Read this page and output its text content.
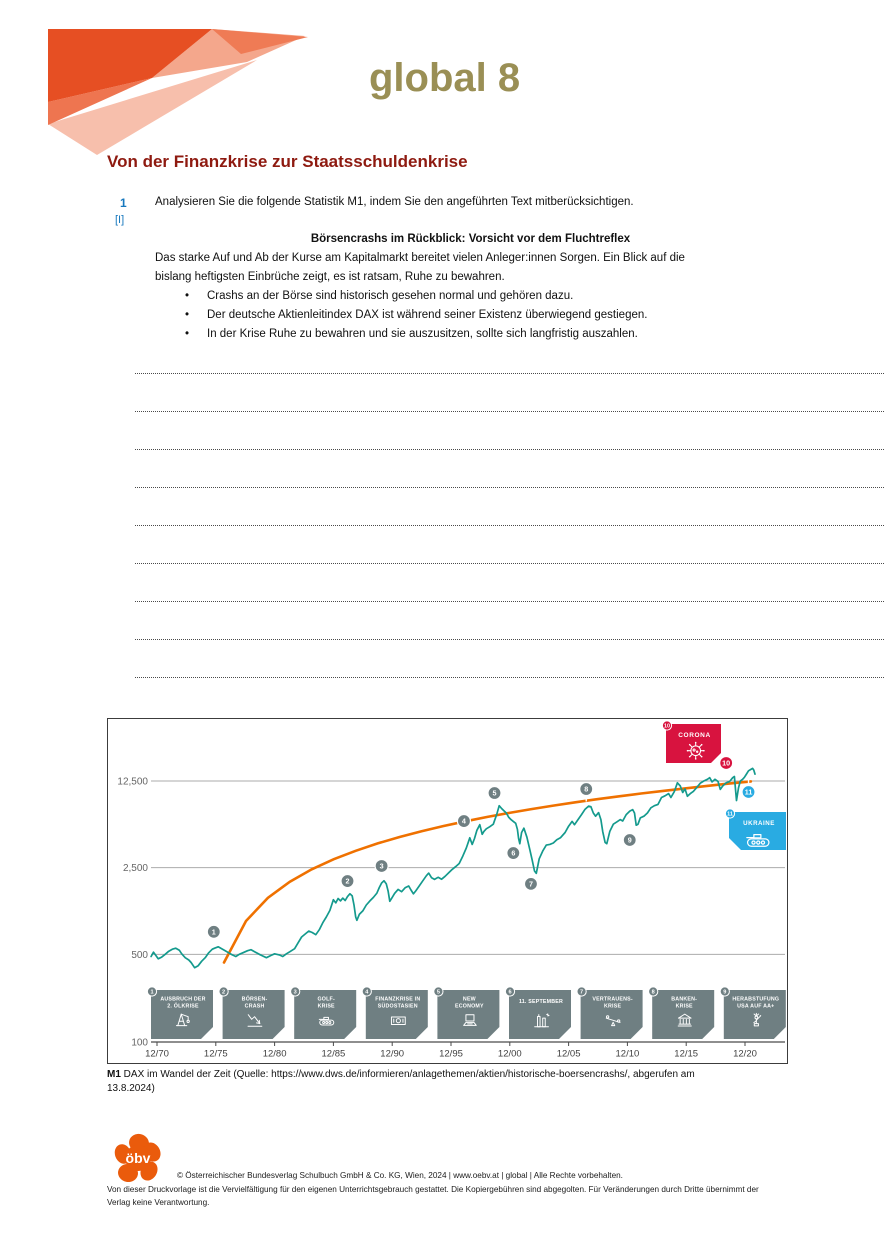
global 8
Von der Finanzkrise zur Staatsschuldenkrise
1
[I]
Analysieren Sie die folgende Statistik M1, indem Sie den angeführten Text mitberücksichtigen.
Börsencrashs im Rückblick: Vorsicht vor dem Fluchtreflex
Das starke Auf und Ab der Kurse am Kapitalmarkt bereitet vielen Anleger:innen Sorgen. Ein Blick auf die
bislang heftigsten Einbrüche zeigt, es ist ratsam, Ruhe zu bewahren.
•	Crashs an der Börse sind historisch gesehen normal und gehören dazu.
•	Der deutsche Aktienleitindex DAX ist während seiner Existenz überwiegend gestiegen.
•	In der Krise Ruhe zu bewahren und sie auszusitzen, sollte sich langfristig auszahlen.
12,500
2,500
500
100
12/70	12/75	12/80	12/85	12/90	12/95	12/00	12/05	12/10	12/15	12/20
AUSBRUCH DER
2. ÖLKRISE
1
BÖRSEN-
CRASH
2
GOLF-
KRISE
3
FINANZKRISE IN
SÜDOSTASIEN
4
NEW
ECONOMY
5
11. SEPTEMBER
6
VERTRAUENS-
KRISE
7
BANKEN-
KRISE
8
HERABSTUFUNG
USA AUF AA+
9
CORONA
10
UKRAINE
11
1
2
3
4
5
6
7
8
9
10
11
M1 DAX im Wandel der Zeit (Quelle: https://www.dws.de/informieren/anlagethemen/aktien/historische-boersencrashs/, abgerufen am
13.8.2024)
öbv
© Österreichischer Bundesverlag Schulbuch GmbH & Co. KG, Wien, 2024 | www.oebv.at | global | Alle Rechte vorbehalten.
Von dieser Druckvorlage ist die Vervielfältigung für den eigenen Unterrichtsgebrauch gestattet. Die Kopiergebühren sind abgegolten. Für Veränderungen durch Dritte übernimmt der
Verlag keine Verantwortung.
